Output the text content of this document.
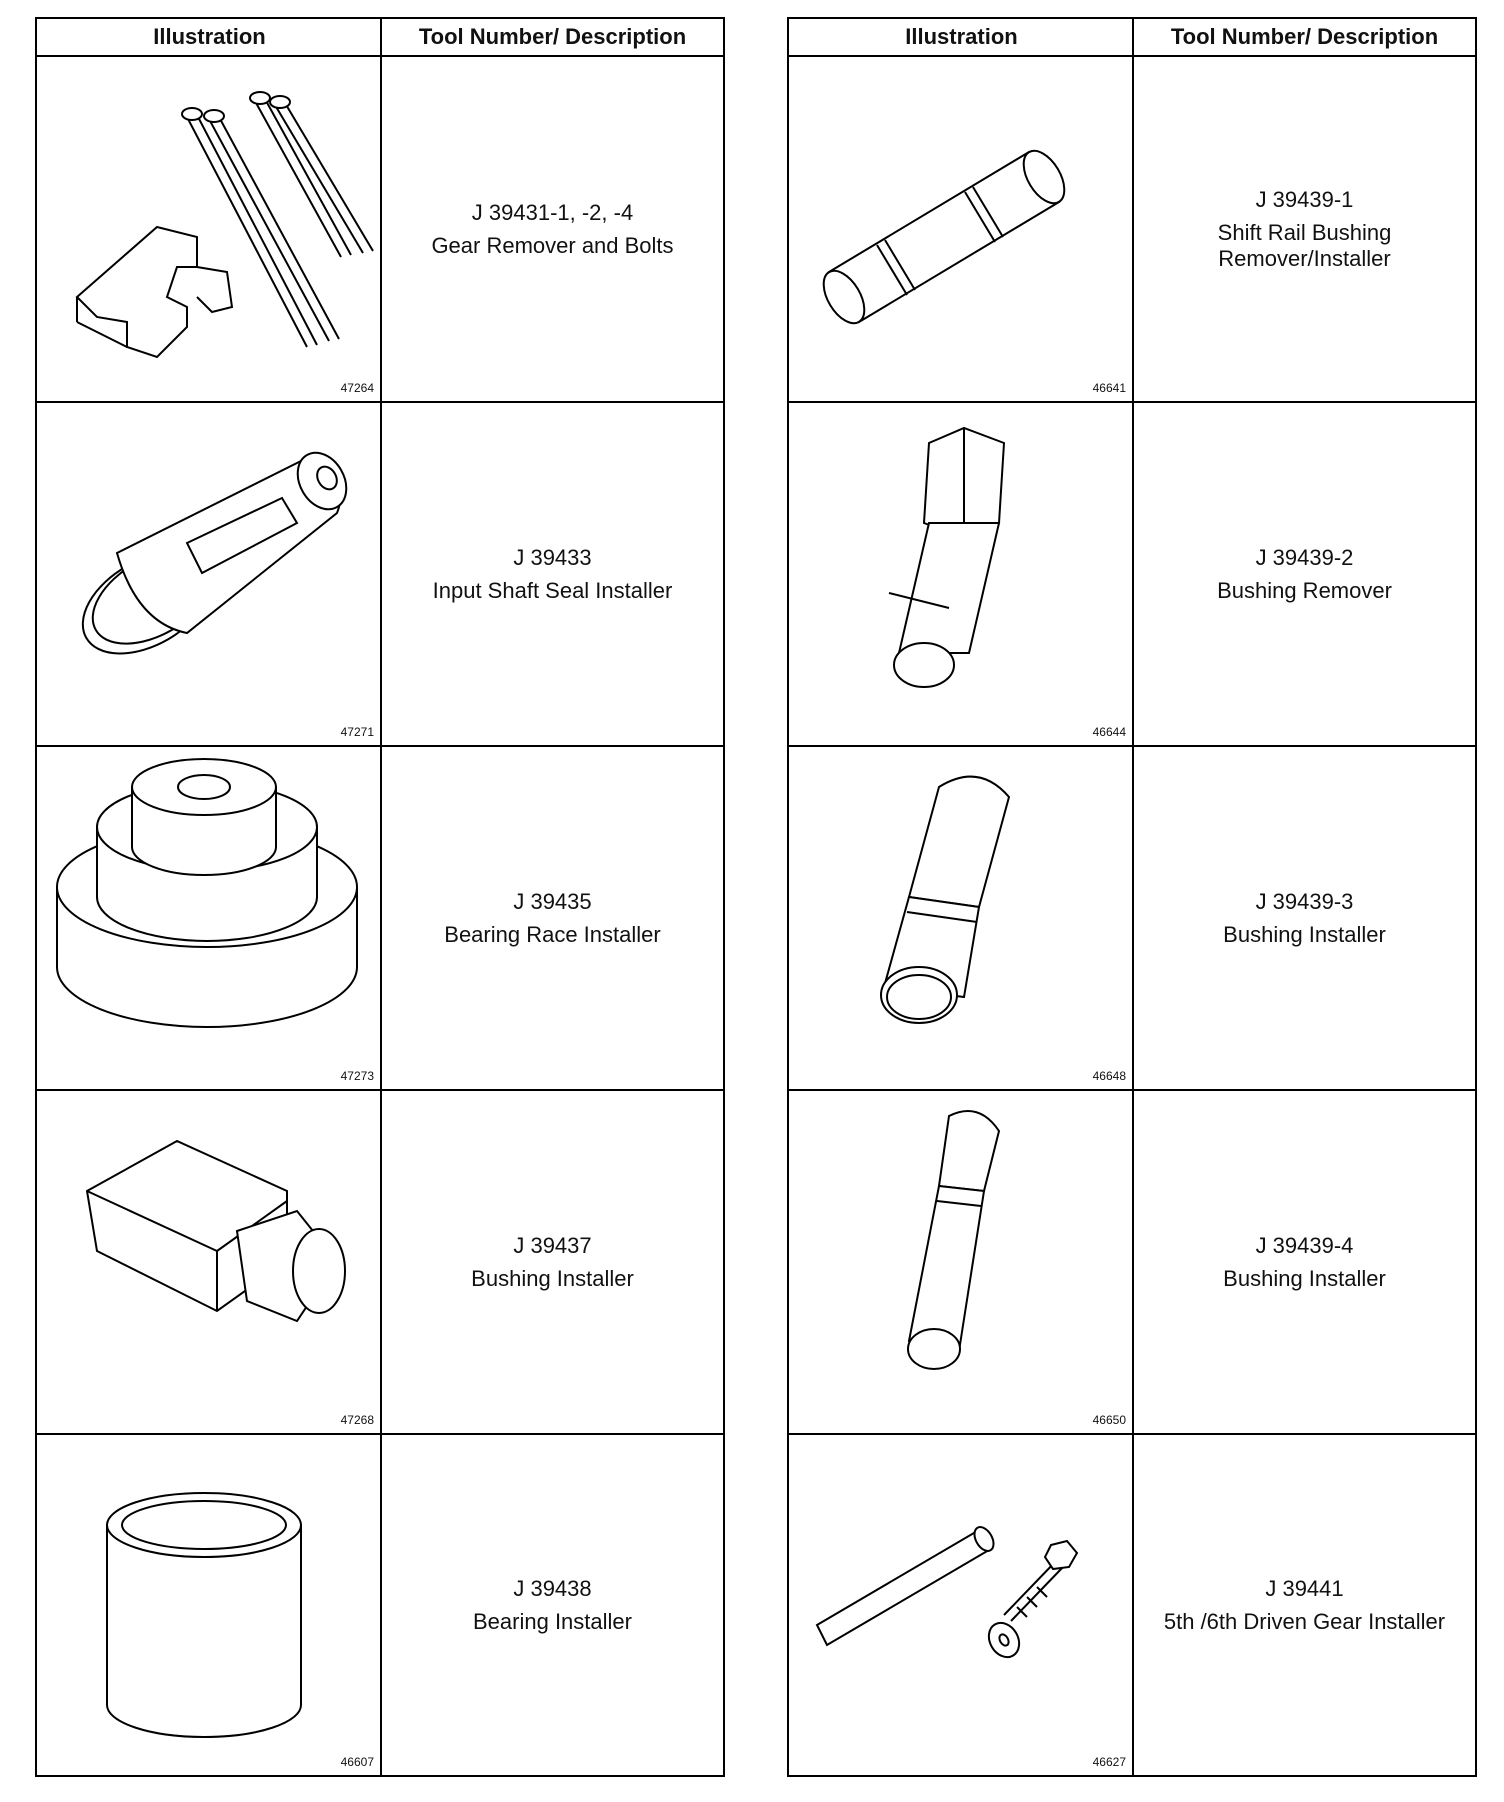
Illustration	Tool Number/ Description
47264
J 39431-1, -2, -4
Gear Remover and Bolts
47271
J 39433
Input Shaft Seal Installer
47273
J 39435
Bearing Race Installer
47268
J 39437
Bushing Installer
46607
J 39438
Bearing Installer
Illustration	Tool Number/ Description
46641
J 39439-1
Shift Rail Bushing
Remover/Installer
46644
J 39439-2
Bushing Remover
46648
J 39439-3
Bushing Installer
46650
J 39439-4
Bushing Installer
46627
J 39441
5th /6th Driven Gear Installer
